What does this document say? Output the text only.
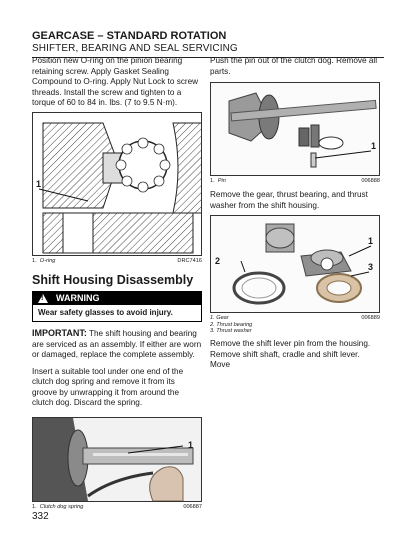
GEARCASE – STANDARD ROTATION
SHIFTER, BEARING AND SEAL SERVICING

Position new O-ring on the pinion bearing retaining screw. Apply Gasket Sealing Compound to O-ring. Apply Nut Lock to screw threads. Install the screw and tighten to a torque of 60 to 84 in. lbs. (7 to 9.5 N·m).

1
1. O-ring	DRC7416
Shift Housing Disassembly
! WARNING
Wear safety glasses to avoid injury.

IMPORTANT: The shift housing and bearing are serviced as an assembly. If either are worn or damaged, replace the complete assembly.

Insert a suitable tool under one end of the clutch dog spring and remove it from its groove by unwrapping it from around the clutch dog. Discard the spring.

1
1. Clutch dog spring	006887

Push the pin out of the clutch dog. Remove all parts.

1
1. Pin	006888

Remove the gear, thrust bearing, and thrust washer from the shift housing.

1
2
3
1. Gear
2. Thrust bearing
3. Thrust washer
006889

Remove the shift lever pin from the housing. Remove shift shaft, cradle and shift lever. Move

332
